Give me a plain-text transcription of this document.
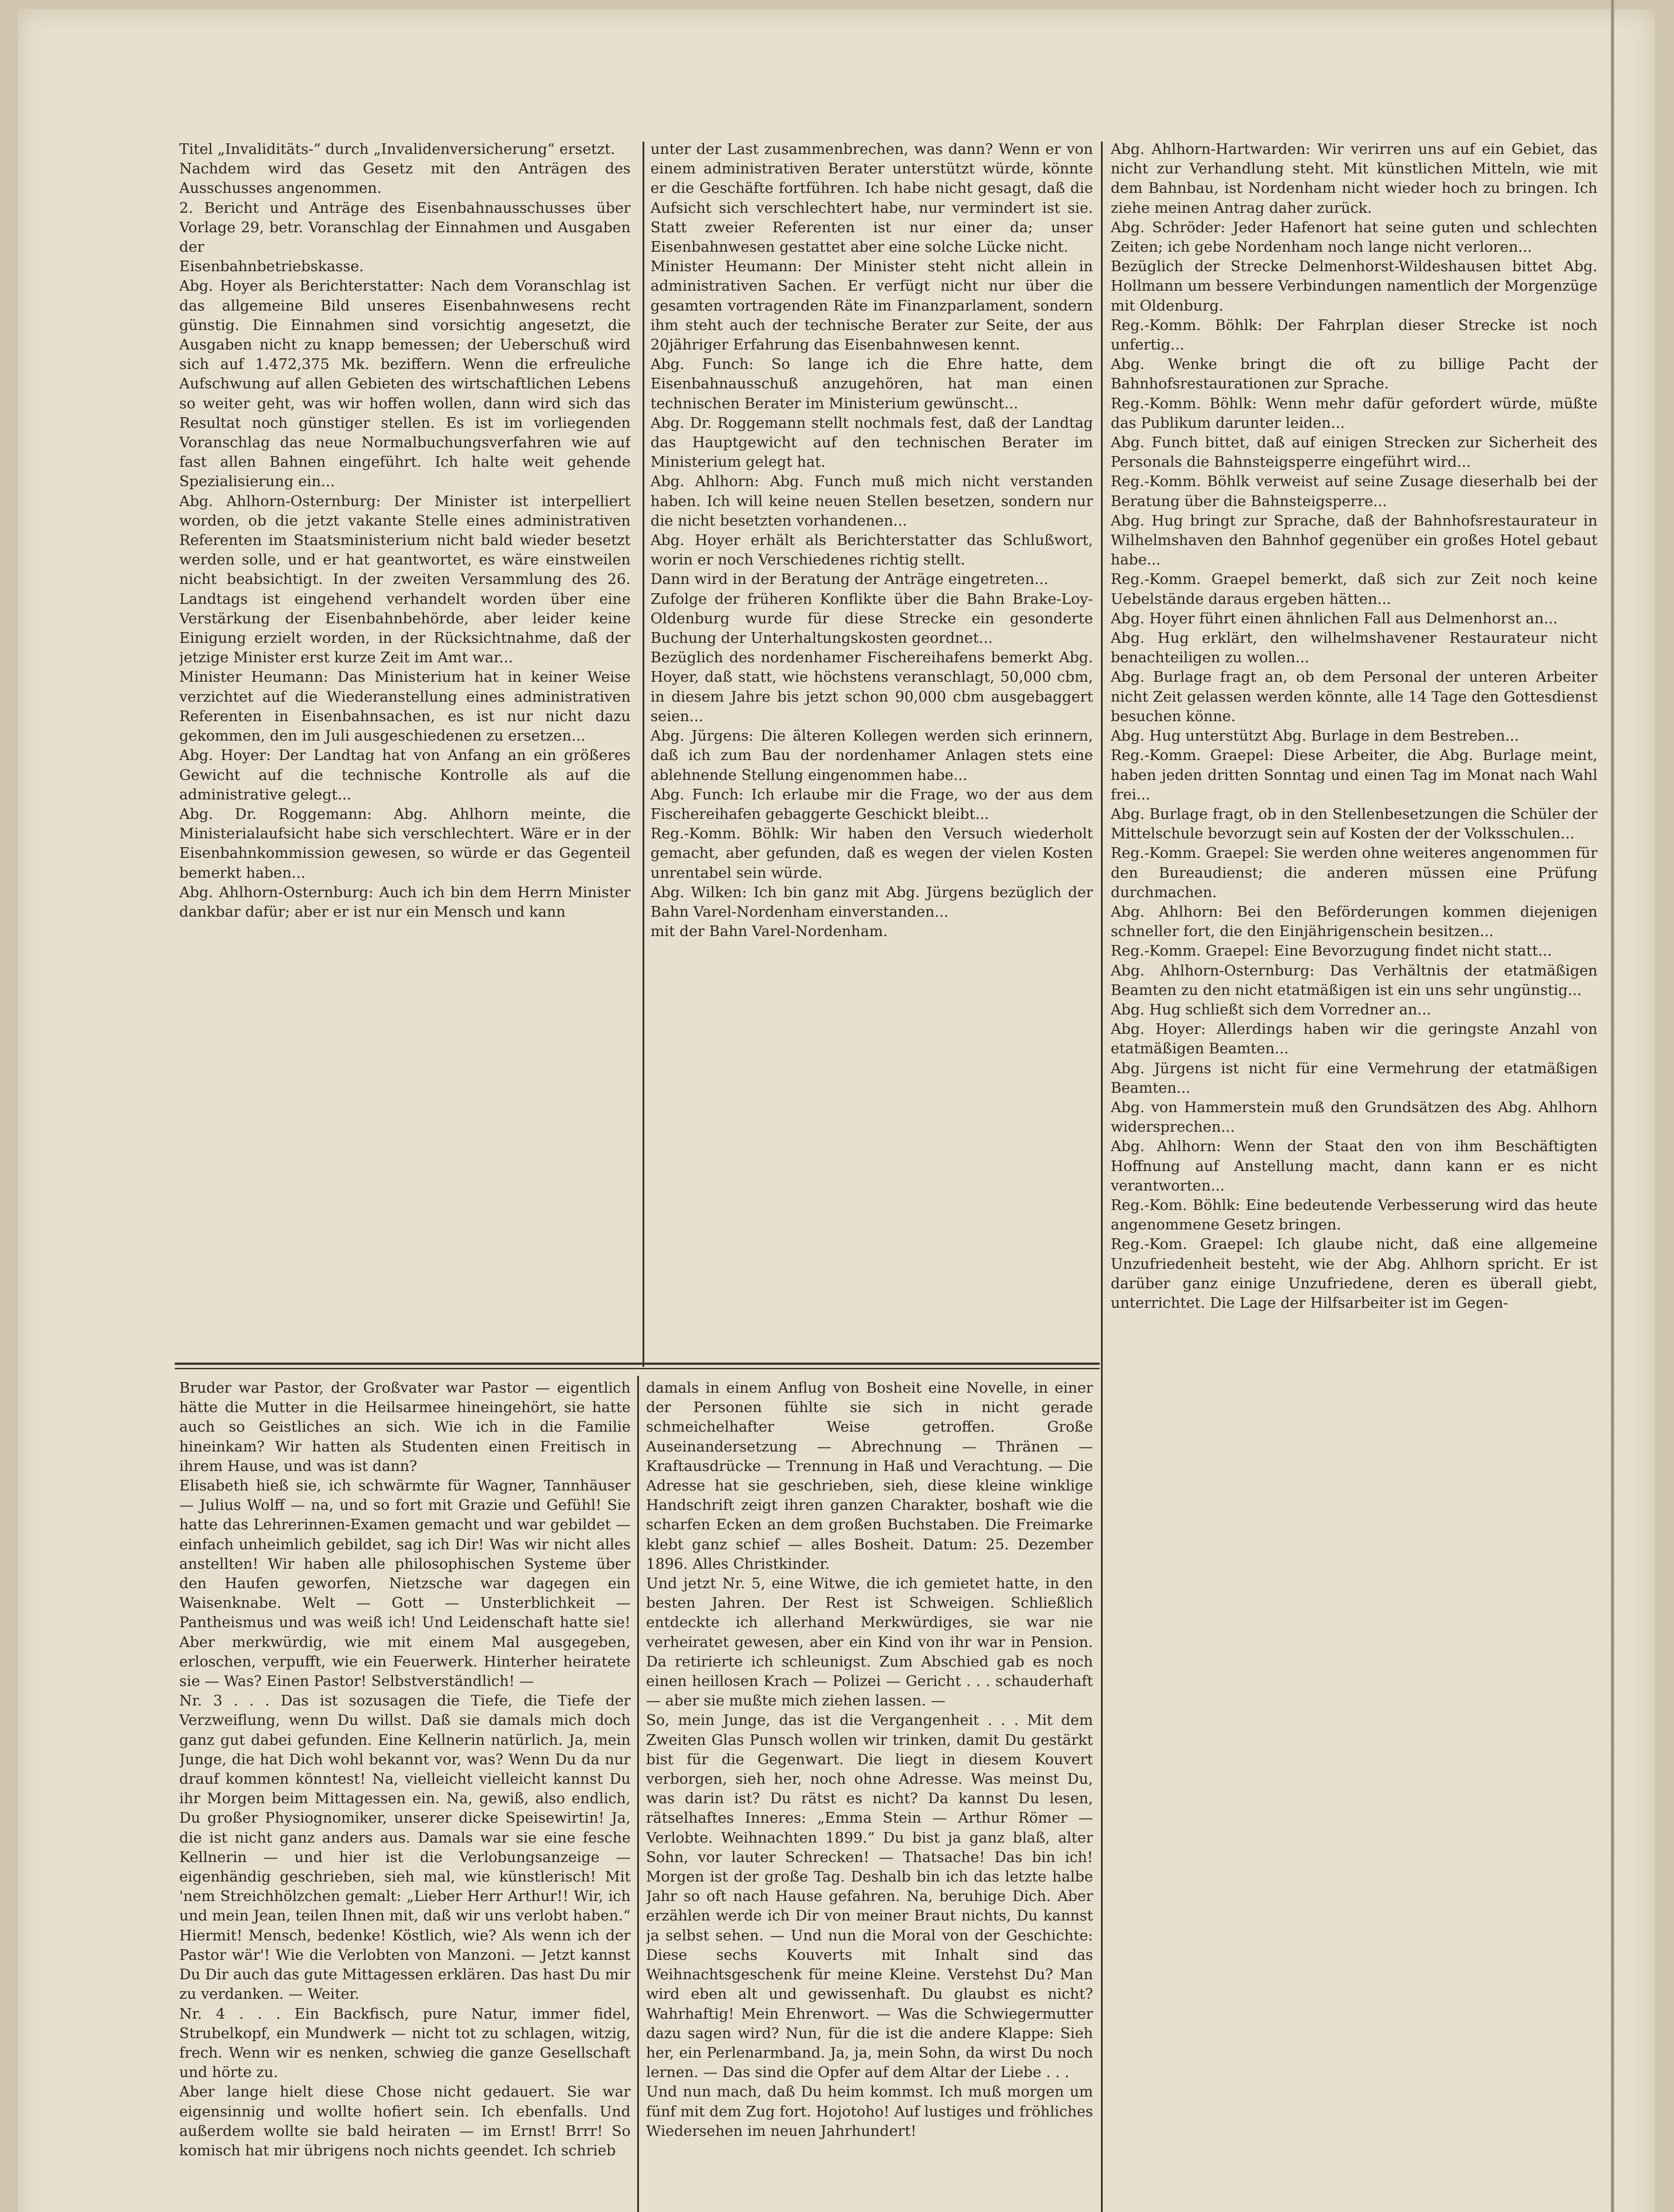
Titel „Invaliditäts-“ durch „Invalidenversicherung“ ersetzt.
Nachdem wird das Gesetz mit den Anträgen des Ausschusses angenommen.
2. Bericht und Anträge des Eisenbahnausschusses über Vorlage 29, betr. Voranschlag der Einnahmen und Ausgaben der
Eisenbahnbetriebskasse.
Abg. Hoyer als Berichterstatter: Nach dem Voranschlag ist das allgemeine Bild unseres Eisenbahnwesens recht günstig. Die Einnahmen sind vorsichtig angesetzt, die Ausgaben nicht zu knapp bemessen; der Ueberschuß wird sich auf 1.472,375 Mk. beziffern. Wenn die erfreuliche Aufschwung auf allen Gebieten des wirtschaftlichen Lebens so weiter geht, was wir hoffen wollen, dann wird sich das Resultat noch günstiger stellen. Es ist im vorliegenden Voranschlag das neue Normalbuchungsverfahren wie auf fast allen Bahnen eingeführt. Ich halte weit gehende Spezialisierung ein...
Abg. Ahlhorn-Osternburg: Der Minister ist interpelliert worden, ob die jetzt vakante Stelle eines administrativen Referenten im Staatsministerium nicht bald wieder besetzt werden solle, und er hat geantwortet, es wäre einstweilen nicht beabsichtigt. In der zweiten Versammlung des 26. Landtags ist eingehend verhandelt worden über eine Verstärkung der Eisenbahnbehörde, aber leider keine Einigung erzielt worden, in der Rücksichtnahme, daß der jetzige Minister erst kurze Zeit im Amt war...
Minister Heumann: Das Ministerium hat in keiner Weise verzichtet auf die Wiederanstellung eines administrativen Referenten in Eisenbahnsachen, es ist nur nicht dazu gekommen, den im Juli ausgeschiedenen zu ersetzen...
Abg. Hoyer: Der Landtag hat von Anfang an ein größeres Gewicht auf die technische Kontrolle als auf die administrative gelegt...
Abg. Dr. Roggemann: Abg. Ahlhorn meinte, die Ministerialaufsicht habe sich verschlechtert. Wäre er in der Eisenbahnkommission gewesen, so würde er das Gegenteil bemerkt haben...
Abg. Ahlhorn-Osternburg: Auch ich bin dem Herrn Minister dankbar dafür; aber er ist nur ein Mensch und kann
unter der Last zusammenbrechen, was dann? Wenn er von einem administrativen Berater unterstützt würde, könnte er die Geschäfte fortführen. Ich habe nicht gesagt, daß die Aufsicht sich verschlechtert habe, nur vermindert ist sie. Statt zweier Referenten ist nur einer da; unser Eisenbahnwesen gestattet aber eine solche Lücke nicht.
Minister Heumann: Der Minister steht nicht allein in administrativen Sachen. Er verfügt nicht nur über die gesamten vortragenden Räte im Finanzparlament, sondern ihm steht auch der technische Berater zur Seite, der aus 20jähriger Erfahrung das Eisenbahnwesen kennt.
Abg. Funch: So lange ich die Ehre hatte, dem Eisenbahnausschuß anzugehören, hat man einen technischen Berater im Ministerium gewünscht...
Abg. Dr. Roggemann stellt nochmals fest, daß der Landtag das Hauptgewicht auf den technischen Berater im Ministerium gelegt hat.
Abg. Ahlhorn: Abg. Funch muß mich nicht verstanden haben. Ich will keine neuen Stellen besetzen, sondern nur die nicht besetzten vorhandenen...
Abg. Hoyer erhält als Berichterstatter das Schlußwort, worin er noch Verschiedenes richtig stellt.
Dann wird in der Beratung der Anträge eingetreten...
Zufolge der früheren Konflikte über die Bahn Brake-Loy-Oldenburg wurde für diese Strecke ein gesonderte Buchung der Unterhaltungskosten geordnet...
Bezüglich des nordenhamer Fischereihafens bemerkt Abg. Hoyer, daß statt, wie höchstens veranschlagt, 50,000 cbm, in diesem Jahre bis jetzt schon 90,000 cbm ausgebaggert seien...
Abg. Jürgens: Die älteren Kollegen werden sich erinnern, daß ich zum Bau der nordenhamer Anlagen stets eine ablehnende Stellung eingenommen habe...
Abg. Funch: Ich erlaube mir die Frage, wo der aus dem Fischereihafen gebaggerte Geschickt bleibt...
Reg.-Komm. Böhlk: Wir haben den Versuch wiederholt gemacht, aber gefunden, daß es wegen der vielen Kosten unrentabel sein würde.
Abg. Wilken: Ich bin ganz mit Abg. Jürgens bezüglich der Bahn Varel-Nordenham einverstanden...
mit der Bahn Varel-Nordenham.
Abg. Ahlhorn-Hartwarden: Wir verirren uns auf ein Gebiet, das nicht zur Verhandlung steht. Mit künstlichen Mitteln, wie mit dem Bahnbau, ist Nordenham nicht wieder hoch zu bringen. Ich ziehe meinen Antrag daher zurück.
Abg. Schröder: Jeder Hafenort hat seine guten und schlechten Zeiten; ich gebe Nordenham noch lange nicht verloren...
Bezüglich der Strecke Delmenhorst-Wildeshausen bittet Abg. Hollmann um bessere Verbindungen namentlich der Morgenzüge mit Oldenburg.
Reg.-Komm. Böhlk: Der Fahrplan dieser Strecke ist noch unfertig...
Abg. Wenke bringt die oft zu billige Pacht der Bahnhofsrestaurationen zur Sprache.
Reg.-Komm. Böhlk: Wenn mehr dafür gefordert würde, müßte das Publikum darunter leiden...
Abg. Funch bittet, daß auf einigen Strecken zur Sicherheit des Personals die Bahnsteigsperre eingeführt wird...
Reg.-Komm. Böhlk verweist auf seine Zusage dieserhalb bei der Beratung über die Bahnsteigsperre...
Abg. Hug bringt zur Sprache, daß der Bahnhofsrestaurateur in Wilhelmshaven den Bahnhof gegenüber ein großes Hotel gebaut habe...
Reg.-Komm. Graepel bemerkt, daß sich zur Zeit noch keine Uebelstände daraus ergeben hätten...
Abg. Hoyer führt einen ähnlichen Fall aus Delmenhorst an...
Abg. Hug erklärt, den wilhelmshavener Restaurateur nicht benachteiligen zu wollen...
Abg. Burlage fragt an, ob dem Personal der unteren Arbeiter nicht Zeit gelassen werden könnte, alle 14 Tage den Gottesdienst besuchen könne.
Abg. Hug unterstützt Abg. Burlage in dem Bestreben...
Reg.-Komm. Graepel: Diese Arbeiter, die Abg. Burlage meint, haben jeden dritten Sonntag und einen Tag im Monat nach Wahl frei...
Abg. Burlage fragt, ob in den Stellenbesetzungen die Schüler der Mittelschule bevorzugt sein auf Kosten der der Volksschulen...
Reg.-Komm. Graepel: Sie werden ohne weiteres angenommen für den Bureaudienst; die anderen müssen eine Prüfung durchmachen.
Abg. Ahlhorn: Bei den Beförderungen kommen diejenigen schneller fort, die den Einjährigenschein besitzen...
Reg.-Komm. Graepel: Eine Bevorzugung findet nicht statt...
Abg. Ahlhorn-Osternburg: Das Verhältnis der etatmäßigen Beamten zu den nicht etatmäßigen ist ein uns sehr ungünstig...
Abg. Hug schließt sich dem Vorredner an...
Abg. Hoyer: Allerdings haben wir die geringste Anzahl von etatmäßigen Beamten...
Abg. Jürgens ist nicht für eine Vermehrung der etatmäßigen Beamten...
Abg. von Hammerstein muß den Grundsätzen des Abg. Ahlhorn widersprechen...
Abg. Ahlhorn: Wenn der Staat den von ihm Beschäftigten Hoffnung auf Anstellung macht, dann kann er es nicht verantworten...
Reg.-Kom. Böhlk: Eine bedeutende Verbesserung wird das heute angenommene Gesetz bringen.
Reg.-Kom. Graepel: Ich glaube nicht, daß eine allgemeine Unzufriedenheit besteht, wie der Abg. Ahlhorn spricht. Er ist darüber ganz einige Unzufriedene, deren es überall giebt, unterrichtet. Die Lage der Hilfsarbeiter ist im Gegen-
Bruder war Pastor, der Großvater war Pastor — eigentlich hätte die Mutter in die Heilsarmee hineingehört, sie hatte auch so Geistliches an sich. Wie ich in die Familie hineinkam? Wir hatten als Studenten einen Freitisch in ihrem Hause, und was ist dann?
Elisabeth hieß sie, ich schwärmte für Wagner, Tannhäuser — Julius Wolff — na, und so fort mit Grazie und Gefühl! Sie hatte das Lehrerinnen-Examen gemacht und war gebildet — einfach unheimlich gebildet, sag ich Dir! Was wir nicht alles anstellten! Wir haben alle philosophischen Systeme über den Haufen geworfen, Nietzsche war dagegen ein Waisenknabe. Welt — Gott — Unsterblichkeit — Pantheismus und was weiß ich! Und Leidenschaft hatte sie! Aber merkwürdig, wie mit einem Mal ausgegeben, erloschen, verpufft, wie ein Feuerwerk. Hinterher heiratete sie — Was? Einen Pastor! Selbstverständlich! —
Nr. 3 . . . Das ist sozusagen die Tiefe, die Tiefe der Verzweiflung, wenn Du willst. Daß sie damals mich doch ganz gut dabei gefunden. Eine Kellnerin natürlich. Ja, mein Junge, die hat Dich wohl bekannt vor, was? Wenn Du da nur drauf kommen könntest! Na, vielleicht vielleicht kannst Du ihr Morgen beim Mittagessen ein. Na, gewiß, also endlich, Du großer Physiognomiker, unserer dicke Speisewirtin! Ja, die ist nicht ganz anders aus. Damals war sie eine fesche Kellnerin — und hier ist die Verlobungsanzeige — eigenhändig geschrieben, sieh mal, wie künstlerisch! Mit 'nem Streichhölzchen gemalt: „Lieber Herr Arthur!! Wir, ich und mein Jean, teilen Ihnen mit, daß wir uns verlobt haben.“ Hiermit! Mensch, bedenke! Köstlich, wie? Als wenn ich der Pastor wär'! Wie die Verlobten von Manzoni. — Jetzt kannst Du Dir auch das gute Mittagessen erklären. Das hast Du mir zu verdanken. — Weiter.
Nr. 4 . . . Ein Backfisch, pure Natur, immer fidel, Strubelkopf, ein Mundwerk — nicht tot zu schlagen, witzig, frech. Wenn wir es nenken, schwieg die ganze Gesellschaft und hörte zu.
Aber lange hielt diese Chose nicht gedauert. Sie war eigensinnig und wollte hofiert sein. Ich ebenfalls. Und außerdem wollte sie bald heiraten — im Ernst! Brrr! So komisch hat mir übrigens noch nichts geendet. Ich schrieb
damals in einem Anflug von Bosheit eine Novelle, in einer der Personen fühlte sie sich in nicht gerade schmeichelhafter Weise getroffen. Große Auseinandersetzung — Abrechnung — Thränen — Kraftausdrücke — Trennung in Haß und Verachtung. — Die Adresse hat sie geschrieben, sieh, diese kleine winklige Handschrift zeigt ihren ganzen Charakter, boshaft wie die scharfen Ecken an dem großen Buchstaben. Die Freimarke klebt ganz schief — alles Bosheit. Datum: 25. Dezember 1896. Alles Christkinder.
Und jetzt Nr. 5, eine Witwe, die ich gemietet hatte, in den besten Jahren. Der Rest ist Schweigen. Schließlich entdeckte ich allerhand Merkwürdiges, sie war nie verheiratet gewesen, aber ein Kind von ihr war in Pension. Da retirierte ich schleunigst. Zum Abschied gab es noch einen heillosen Krach — Polizei — Gericht . . . schauderhaft — aber sie mußte mich ziehen lassen. —
So, mein Junge, das ist die Vergangenheit . . . Mit dem Zweiten Glas Punsch wollen wir trinken, damit Du gestärkt bist für die Gegenwart. Die liegt in diesem Kouvert verborgen, sieh her, noch ohne Adresse. Was meinst Du, was darin ist? Du rätst es nicht? Da kannst Du lesen, rätselhaftes Inneres: „Emma Stein — Arthur Römer — Verlobte. Weihnachten 1899.“ Du bist ja ganz blaß, alter Sohn, vor lauter Schrecken! — Thatsache! Das bin ich! Morgen ist der große Tag. Deshalb bin ich das letzte halbe Jahr so oft nach Hause gefahren. Na, beruhige Dich. Aber erzählen werde ich Dir von meiner Braut nichts, Du kannst ja selbst sehen. — Und nun die Moral von der Geschichte: Diese sechs Kouverts mit Inhalt sind das Weihnachtsgeschenk für meine Kleine. Verstehst Du? Man wird eben alt und gewissenhaft. Du glaubst es nicht? Wahrhaftig! Mein Ehrenwort. — Was die Schwiegermutter dazu sagen wird? Nun, für die ist die andere Klappe: Sieh her, ein Perlenarmband. Ja, ja, mein Sohn, da wirst Du noch lernen. — Das sind die Opfer auf dem Altar der Liebe . . .
Und nun mach, daß Du heim kommst. Ich muß morgen um fünf mit dem Zug fort. Hojotoho! Auf lustiges und fröhliches Wiedersehen im neuen Jahrhundert!
